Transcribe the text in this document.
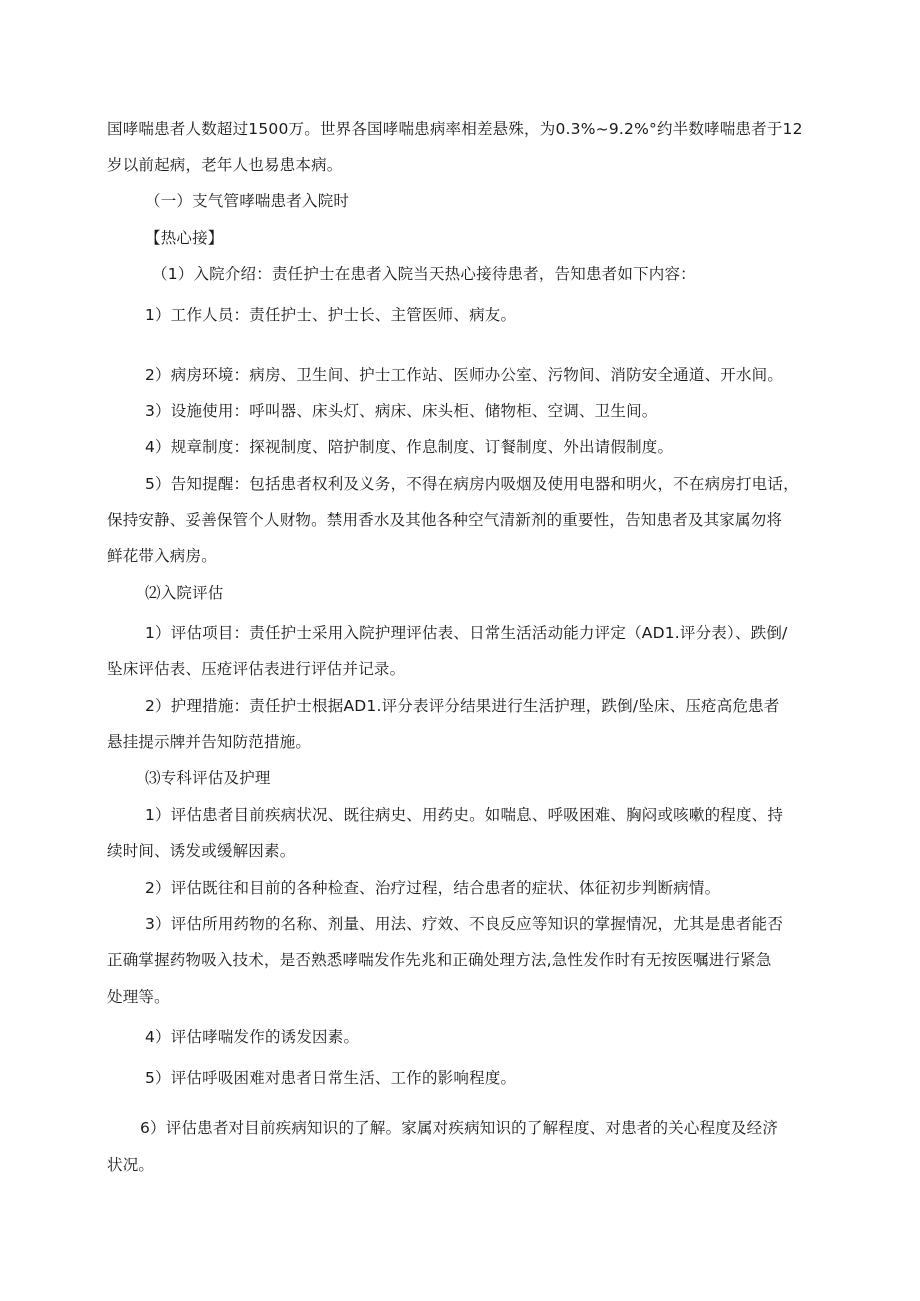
国哮喘患者人数超过1500万。世界各国哮喘患病率相差悬殊，为0.3%~9.2%°约半数哮喘患者于12
岁以前起病，老年人也易患本病。
（一）支气管哮喘患者入院时
【热心接】
（1）入院介绍：责任护士在患者入院当天热心接待患者，告知患者如下内容：
1）工作人员：责任护士、护士长、主管医师、病友。
2）病房环境：病房、卫生间、护士工作站、医师办公室、污物间、消防安全通道、开水间。
3）设施使用：呼叫器、床头灯、病床、床头柜、储物柜、空调、卫生间。
4）规章制度：探视制度、陪护制度、作息制度、订餐制度、外出请假制度。
5）告知提醒：包括患者权利及义务，不得在病房内吸烟及使用电器和明火，不在病房打电话，
保持安静、妥善保管个人财物。禁用香水及其他各种空气清新剂的重要性，告知患者及其家属勿将
鲜花带入病房。
⑵入院评估
1）评估项目：责任护士采用入院护理评估表、日常生活活动能力评定（AD1.评分表）、跌倒/
坠床评估表、压疮评估表进行评估并记录。
2）护理措施：责任护士根据AD1.评分表评分结果进行生活护理，跌倒/坠床、压疮高危患者
悬挂提示牌并告知防范措施。
⑶专科评估及护理
1）评估患者目前疾病状况、既往病史、用药史。如喘息、呼吸困难、胸闷或咳嗽的程度、持
续时间、诱发或缓解因素。
2）评估既往和目前的各种检查、治疗过程，结合患者的症状、体征初步判断病情。
3）评估所用药物的名称、剂量、用法、疗效、不良反应等知识的掌握情况，尤其是患者能否
正确掌握药物吸入技术，是否熟悉哮喘发作先兆和正确处理方法,急性发作时有无按医嘱进行紧急
处理等。
4）评估哮喘发作的诱发因素。
5）评估呼吸困难对患者日常生活、工作的影响程度。
6）评估患者对目前疾病知识的了解。家属对疾病知识的了解程度、对患者的关心程度及经济
状况。
